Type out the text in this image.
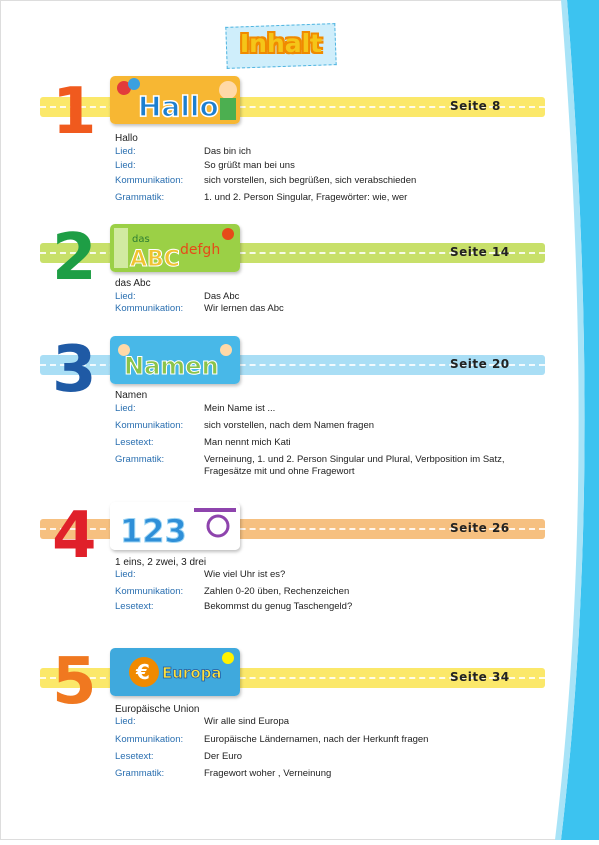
Inhalt
Seite 8
1 Hallo
Hallo
Lied:	Das bin ich
Lied:	So grüßt man bei uns
Kommunikation:	sich vorstellen, sich begrüßen, sich verabschieden
Grammatik:	1. und 2. Person Singular, Fragewörter: wie, wer
Seite 14
2	das
ABC defgh
das Abc
Lied:	Das Abc
Kommunikation:	Wir lernen das Abc
Seite 20
3 Namen
Namen
Lied:	Mein Name ist ...
Kommunikation:	sich vorstellen, nach dem Namen fragen
Lesetext:	Man nennt mich Kati
Grammatik:	Verneinung, 1. und 2. Person Singular und Plural, Verbposition im Satz, Fragesätze mit und ohne Fragewort
Seite 26
4 123
1 eins, 2 zwei, 3 drei
Lied:	Wie viel Uhr ist es?
Kommunikation:	Zahlen 0-20 üben, Rechenzeichen
Lesetext:	Bekommst du genug Taschengeld?
Seite 34
5 € Europa
Europäische Union
Lied:	Wir alle sind Europa
Kommunikation:	Europäische Ländernamen, nach der Herkunft fragen
Lesetext:	Der Euro
Grammatik:	Fragewort woher , Verneinung
